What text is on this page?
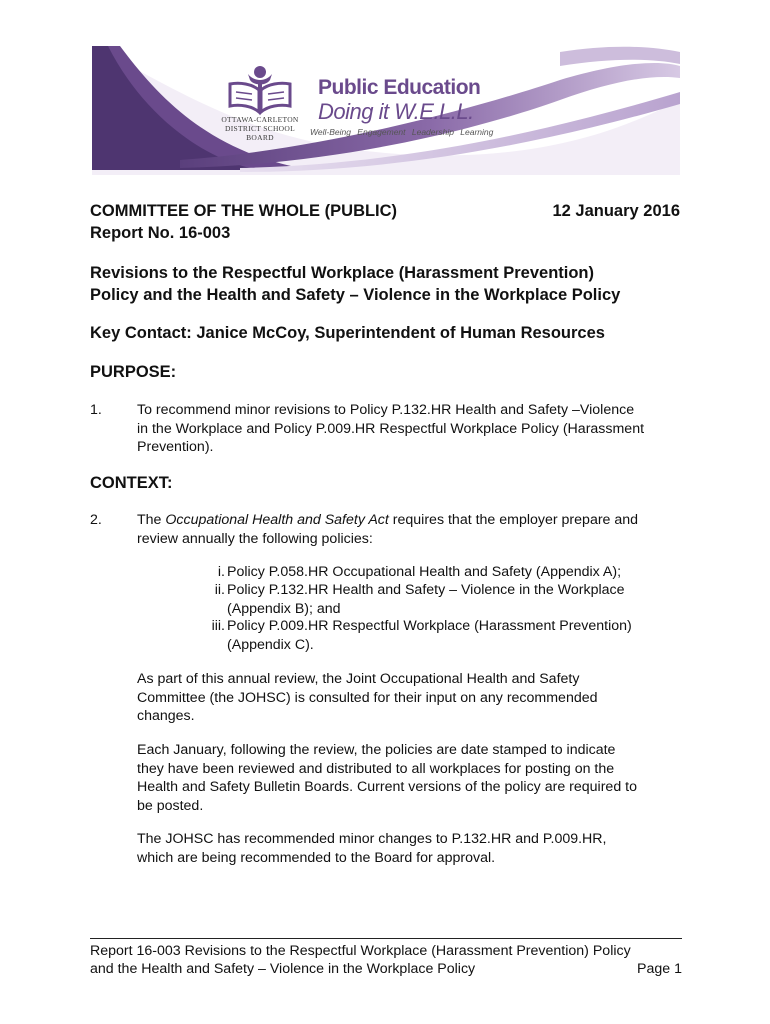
OTTAWA-CARLETON
DISTRICT SCHOOL BOARD
Public Education
Doing it W.E.L.L.
Well-Being Engagement Leadership Learning
COMMITTEE OF THE WHOLE (PUBLIC)	12 January 2016
Report No. 16-003
Revisions to the Respectful Workplace (Harassment Prevention)
Policy and the Health and Safety – Violence in the Workplace Policy
Key Contact: Janice McCoy, Superintendent of Human Resources
PURPOSE:
1. To recommend minor revisions to Policy P.132.HR Health and Safety –Violence
in the Workplace and Policy P.009.HR Respectful Workplace Policy (Harassment
Prevention).
CONTEXT:
2. The Occupational Health and Safety Act requires that the employer prepare and
review annually the following policies:
i. Policy P.058.HR Occupational Health and Safety (Appendix A);
ii. Policy P.132.HR Health and Safety – Violence in the Workplace
(Appendix B); and
iii. Policy P.009.HR Respectful Workplace (Harassment Prevention)
(Appendix C).
As part of this annual review, the Joint Occupational Health and Safety
Committee (the JOHSC) is consulted for their input on any recommended
changes.
Each January, following the review, the policies are date stamped to indicate
they have been reviewed and distributed to all workplaces for posting on the
Health and Safety Bulletin Boards. Current versions of the policy are required to
be posted.
The JOHSC has recommended minor changes to P.132.HR and P.009.HR,
which are being recommended to the Board for approval.
Report 16-003 Revisions to the Respectful Workplace (Harassment Prevention) Policy
and the Health and Safety – Violence in the Workplace Policy	Page 1
